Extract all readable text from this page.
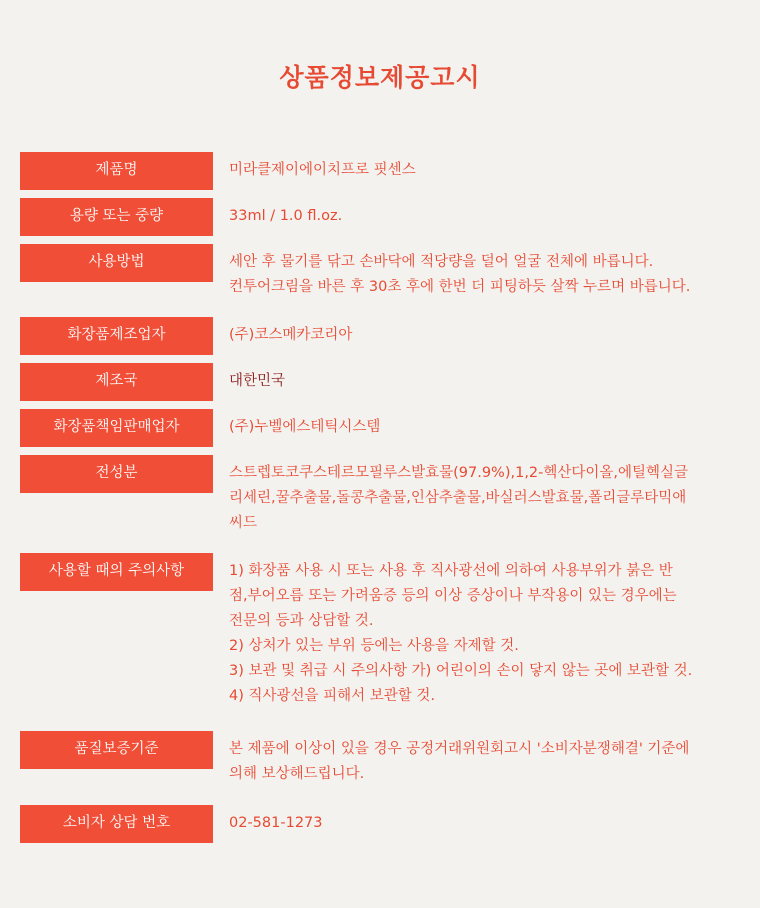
상품정보제공고시
제품명	미라클제이에이치프로 핏센스
용량 또는 중량	33ml / 1.0 fl.oz.
사용방법	세안 후 물기를 닦고 손바닥에 적당량을 덜어 얼굴 전체에 바릅니다.
컨투어크림을 바른 후 30초 후에 한번 더 피팅하듯 살짝 누르며 바릅니다.
화장품제조업자	(주)코스메카코리아
제조국	대한민국
화장품책임판매업자	(주)누벨에스테틱시스템
전성분	스트렙토코쿠스테르모필루스발효물(97.9%),1,2-헥산다이올,에틸헥실글
리세린,꿀추출물,돌콩추출물,인삼추출물,바실러스발효물,폴리글루타믹애
씨드
사용할 때의 주의사항	1) 화장품 사용 시 또는 사용 후 직사광선에 의하여 사용부위가 붉은 반
점,부어오름 또는 가려움증 등의 이상 증상이나 부작용이 있는 경우에는
전문의 등과 상담할 것.
2) 상처가 있는 부위 등에는 사용을 자제할 것.
3) 보관 및 취급 시 주의사항 가) 어린이의 손이 닿지 않는 곳에 보관할 것.
4) 직사광선을 피해서 보관할 것.
품질보증기준	본 제품에 이상이 있을 경우 공정거래위원회고시 '소비자분쟁해결' 기준에
의해 보상해드립니다.
소비자 상담 번호	02-581-1273
